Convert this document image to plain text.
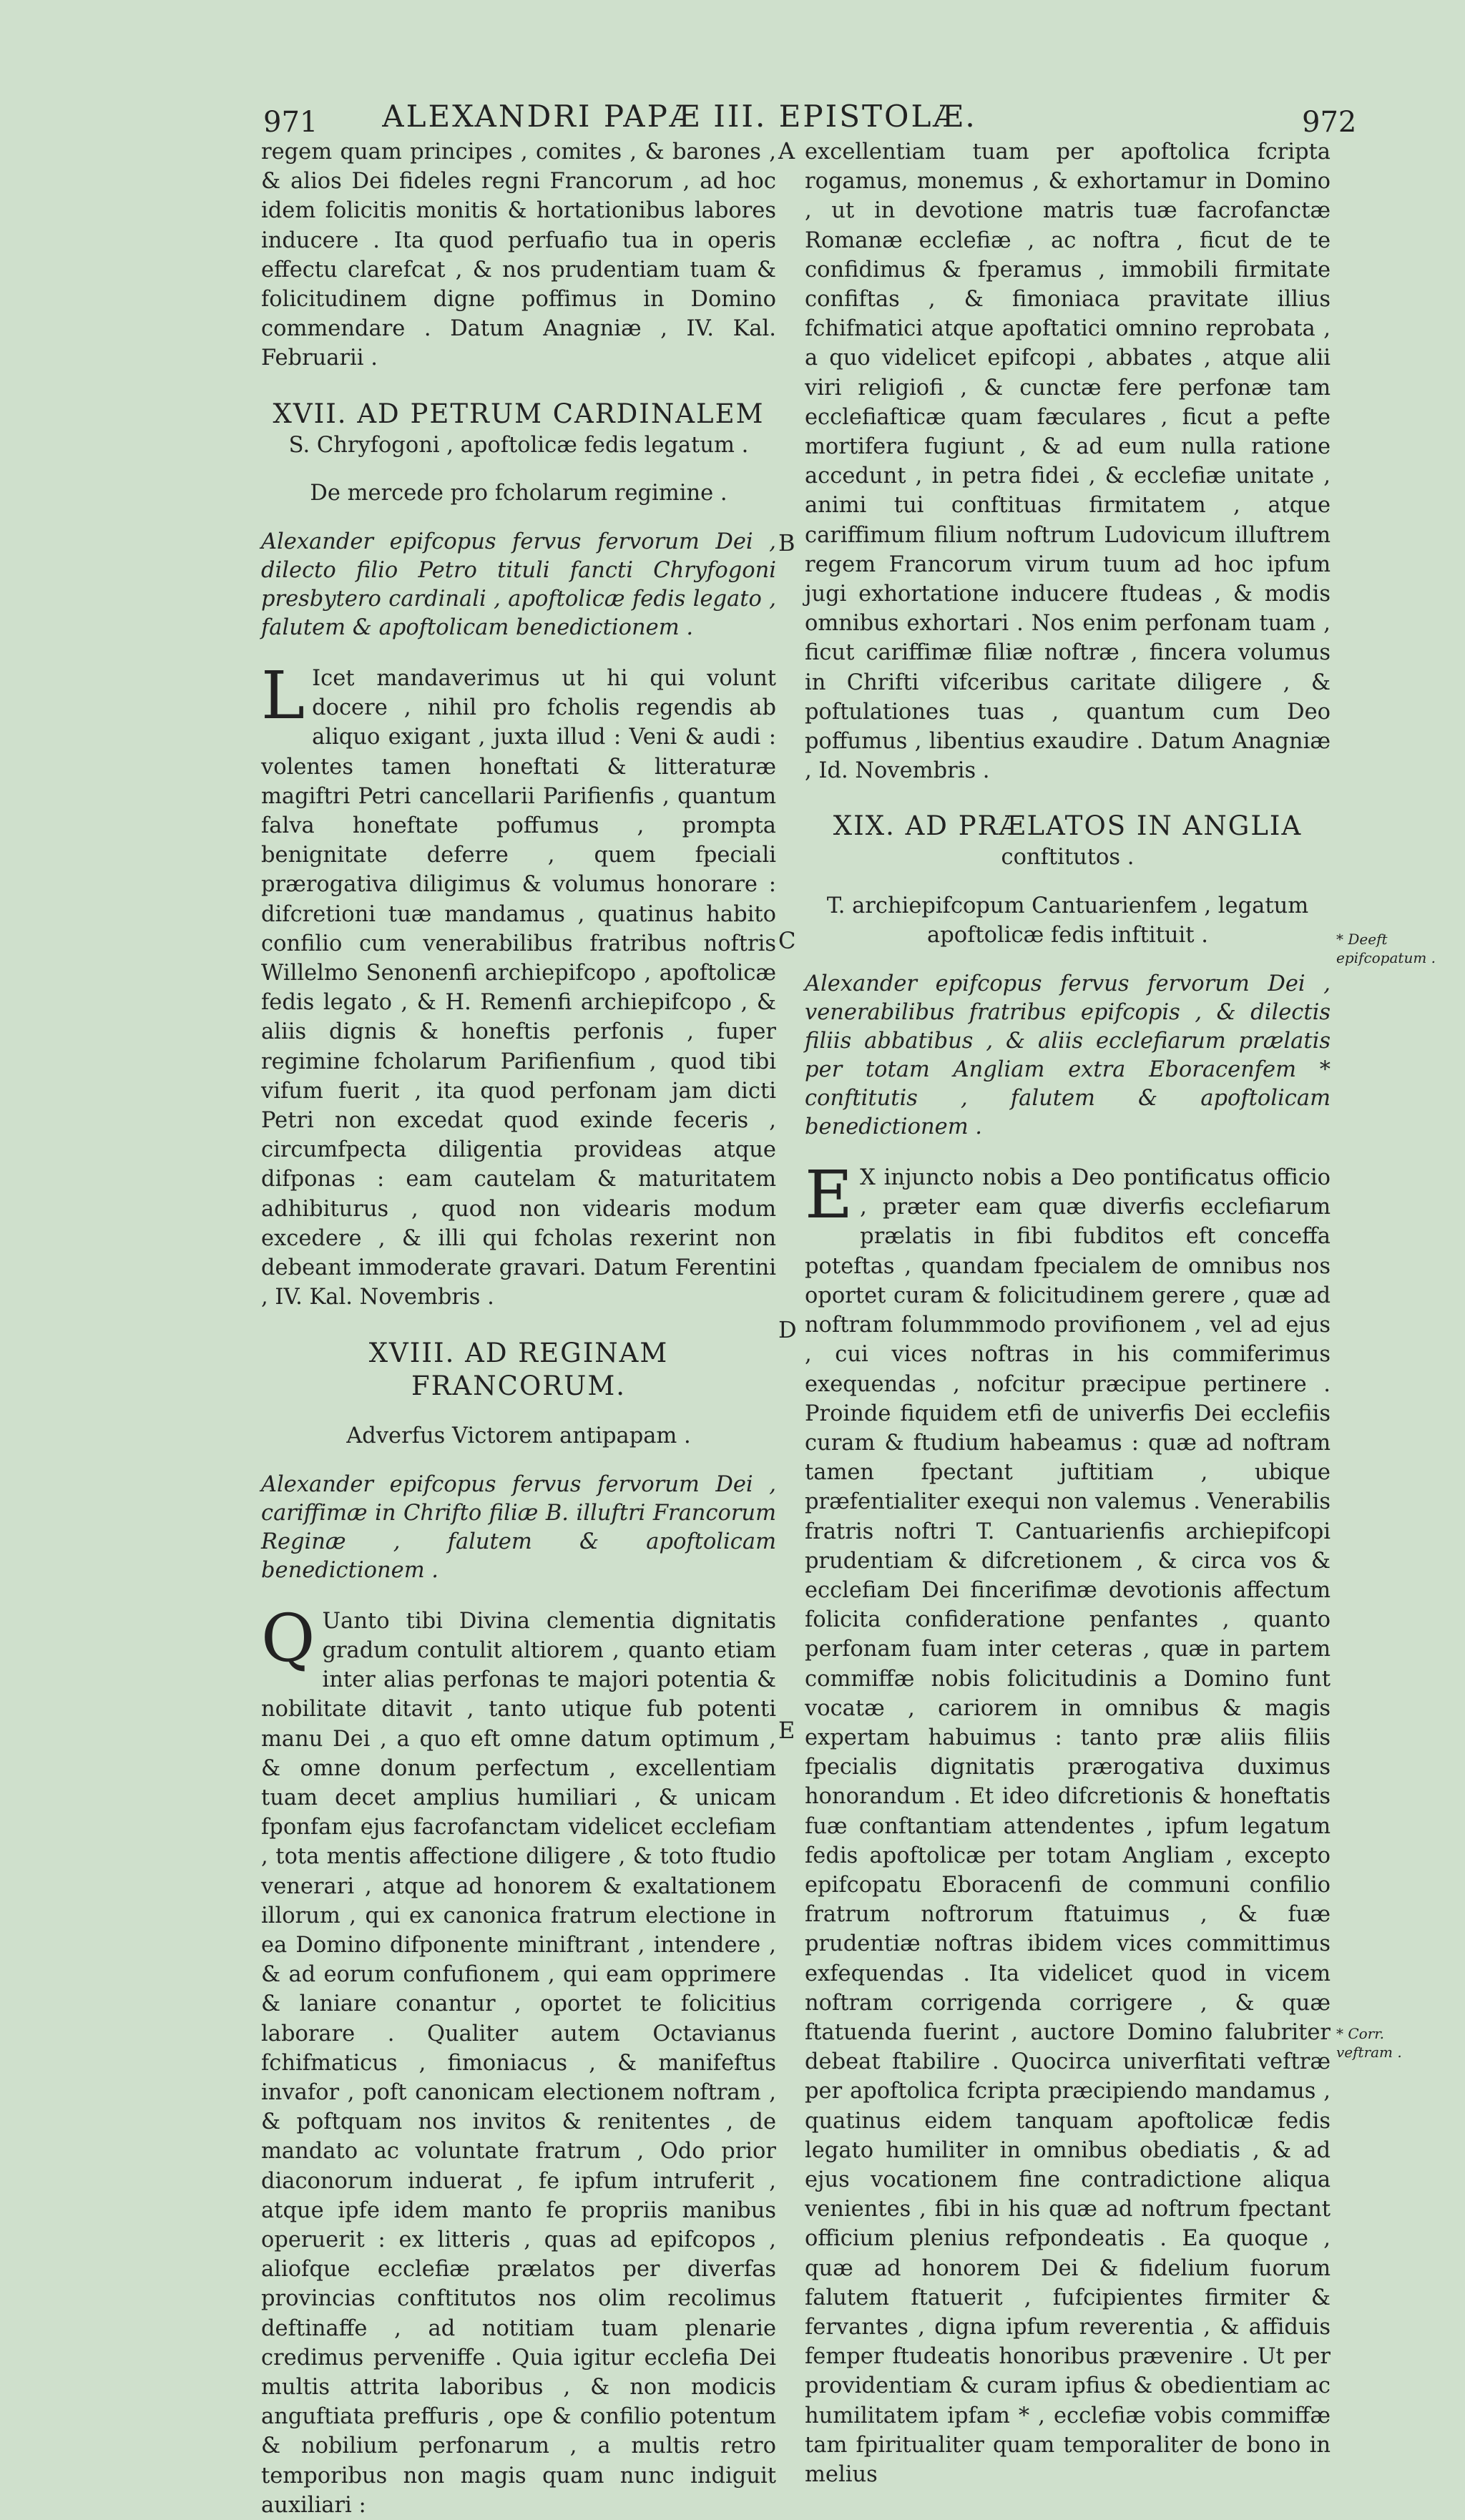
971	ALEXANDRI PAPÆ III. EPISTOLÆ.	972

regem quam principes , comites , & barones , & alios Dei fideles regni Francorum , ad hoc idem folicitis monitis & hortationibus labores inducere . Ita quod perfuafio tua in operis effectu clarefcat , & nos prudentiam tuam & folicitudinem digne poffimus in Domino commendare . Datum Anagniæ , IV. Kal. Februarii .

XVII. AD PETRUM CARDINALEM

S. Chryfogoni , apoftolicæ fedis legatum .

De mercede pro fcholarum regimine .

Alexander epifcopus fervus fervorum Dei , dilecto filio Petro tituli fancti Chryfogoni presbytero cardinali , apoftolicæ fedis legato , falutem & apoftolicam benedictionem .

L Icet mandaverimus ut hi qui volunt docere , nihil pro fcholis regendis ab aliquo exigant , juxta illud : Veni & audi : volentes tamen honeftati & litteraturæ magiftri Petri cancellarii Parifienfis , quantum falva honeftate poffumus , prompta benignitate deferre , quem fpeciali prærogativa diligimus & volumus honorare : difcretioni tuæ mandamus , quatinus habito confilio cum venerabilibus fratribus noftris Willelmo Senonenfi archiepifcopo , apoftolicæ fedis legato , & H. Remenfi archiepifcopo , & aliis dignis & honeftis perfonis , fuper regimine fcholarum Parifienfium , quod tibi vifum fuerit , ita quod perfonam jam dicti Petri non excedat quod exinde feceris , circumfpecta diligentia provideas atque difponas : eam cautelam & maturitatem adhibiturus , quod non videaris modum excedere , & illi qui fcholas rexerint non debeant immoderate gravari. Datum Ferentini , IV. Kal. Novembris .

XVIII. AD REGINAM FRANCORUM.

Adverfus Victorem antipapam .

Alexander epifcopus fervus fervorum Dei , cariffimæ in Chrifto filiæ B. illuftri Francorum Reginæ , falutem & apoftolicam benedictionem .

Q Uanto tibi Divina clementia dignitatis gradum contulit altiorem , quanto etiam inter alias perfonas te majori potentia & nobilitate ditavit , tanto utique fub potenti manu Dei , a quo eft omne datum optimum , & omne donum perfectum , excellentiam tuam decet amplius humiliari , & unicam fponfam ejus facrofanctam videlicet ecclefiam , tota mentis affectione diligere , & toto ftudio venerari , atque ad honorem & exaltationem illorum , qui ex canonica fratrum electione in ea Domino difponente miniftrant , intendere , & ad eorum confufionem , qui eam opprimere & laniare conantur , oportet te folicitius laborare . Qualiter autem Octavianus fchifmaticus , fimoniacus , & manifeftus invafor , poft canonicam electionem noftram , & poftquam nos invitos & renitentes , de mandato ac voluntate fratrum , Odo prior diaconorum induerat , fe ipfum intruferit , atque ipfe idem manto fe propriis manibus operuerit : ex litteris , quas ad epifcopos , aliofque ecclefiæ prælatos per diverfas provincias conftitutos nos olim recolimus deftinaffe , ad notitiam tuam plenarie credimus perveniffe . Quia igitur ecclefia Dei multis attrita laboribus , & non modicis anguftiata preffuris , ope & confilio potentum & nobilium perfonarum , a multis retro temporibus non magis quam nunc indiguit auxiliari :

A
B
C
D
E

excellentiam tuam per apoftolica fcripta rogamus, monemus , & exhortamur in Domino , ut in devotione matris tuæ facrofanctæ Romanæ ecclefiæ , ac noftra , ficut de te confidimus & fperamus , immobili firmitate confiftas , & fimoniaca pravitate illius fchifmatici atque apoftatici omnino reprobata , a quo videlicet epifcopi , abbates , atque alii viri religiofi , & cunctæ fere perfonæ tam ecclefiafticæ quam fæculares , ficut a pefte mortifera fugiunt , & ad eum nulla ratione accedunt , in petra fidei , & ecclefiæ unitate , animi tui conftituas firmitatem , atque cariffimum filium noftrum Ludovicum illuftrem regem Francorum virum tuum ad hoc ipfum jugi exhortatione inducere ftudeas , & modis omnibus exhortari . Nos enim perfonam tuam , ficut cariffimæ filiæ noftræ , fincera volumus in Chrifti vifceribus caritate diligere , & poftulationes tuas , quantum cum Deo poffumus , libentius exaudire . Datum Anagniæ , Id. Novembris .

XIX. AD PRÆLATOS IN ANGLIA

conftitutos .

T. archiepifcopum Cantuarienfem , legatum apoftolicæ fedis inftituit .

Alexander epifcopus fervus fervorum Dei , venerabilibus fratribus epifcopis , & dilectis filiis abbatibus , & aliis ecclefiarum prælatis per totam Angliam extra Eboracenfem * conftitutis , falutem & apoftolicam benedictionem .

E X injuncto nobis a Deo pontificatus officio , præter eam quæ diverfis ecclefiarum prælatis in fibi fubditos eft conceffa poteftas , quandam fpecialem de omnibus nos oportet curam & folicitudinem gerere , quæ ad noftram folummmodo provifionem , vel ad ejus , cui vices noftras in his commiferimus exequendas , nofcitur præcipue pertinere . Proinde fiquidem etfi de univerfis Dei ecclefiis curam & ftudium habeamus : quæ ad noftram tamen fpectant juftitiam , ubique præfentialiter exequi non valemus . Venerabilis fratris noftri T. Cantuarienfis archiepifcopi prudentiam & difcretionem , & circa vos & ecclefiam Dei fincerifimæ devotionis affectum folicita confideratione penfantes , quanto perfonam fuam inter ceteras , quæ in partem commiffæ nobis folicitudinis a Domino funt vocatæ , cariorem in omnibus & magis expertam habuimus : tanto præ aliis filiis fpecialis dignitatis prærogativa duximus honorandum . Et ideo difcretionis & honeftatis fuæ conftantiam attendentes , ipfum legatum fedis apoftolicæ per totam Angliam , excepto epifcopatu Eboracenfi de communi confilio fratrum noftrorum ftatuimus , & fuæ prudentiæ noftras ibidem vices committimus exfequendas . Ita videlicet quod in vicem noftram corrigenda corrigere , & quæ ftatuenda fuerint , auctore Domino falubriter debeat ftabilire . Quocirca univerfitati veftræ per apoftolica fcripta præcipiendo mandamus , quatinus eidem tanquam apoftolicæ fedis legato humiliter in omnibus obediatis , & ad ejus vocationem fine contradictione aliqua venientes , fibi in his quæ ad noftrum fpectant officium plenius refpondeatis . Ea quoque , quæ ad honorem Dei & fidelium fuorum falutem ftatuerit , fufcipientes firmiter & fervantes , digna ipfum reverentia , & affiduis femper ftudeatis honoribus prævenire . Ut per providentiam & curam ipfius & obedientiam ac humilitatem ipfam * , ecclefiæ vobis commiffæ tam fpiritualiter quam temporaliter de bono in melius

* Deeft epifcopatum .
* Corr. veftram .
